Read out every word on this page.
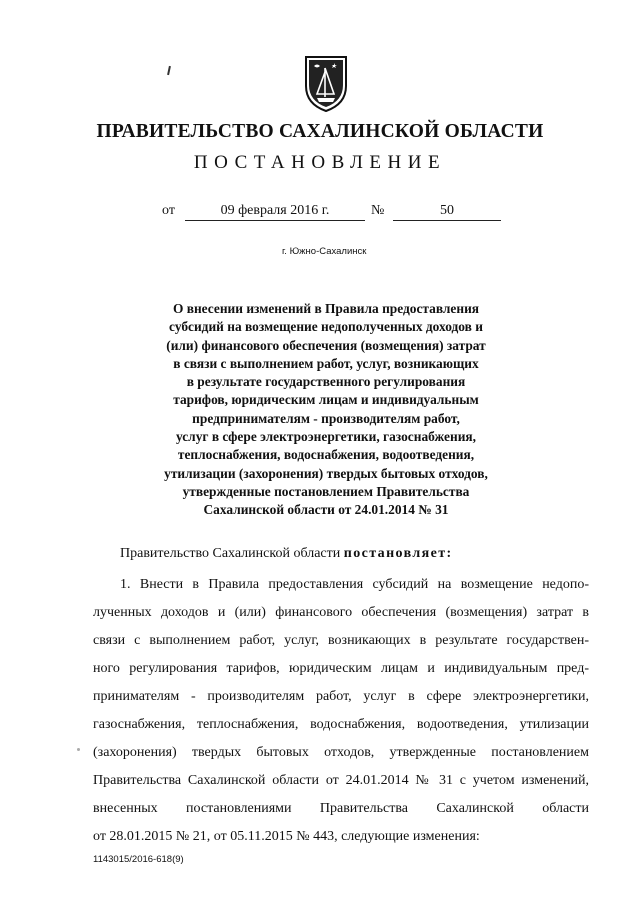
ПРАВИТЕЛЬСТВО САХАЛИНСКОЙ ОБЛАСТИ
ПОСТАНОВЛЕНИЕ
от	09 февраля 2016 г.	№	50
г. Южно-Сахалинск

О внесении изменений в Правила предоставления
субсидий на возмещение недополученных доходов и
(или) финансового обеспечения (возмещения) затрат
в связи с выполнением работ, услуг, возникающих
в результате государственного регулирования
тарифов, юридическим лицам и индивидуальным
предпринимателям - производителям работ,
услуг в сфере электроэнергетики, газоснабжения,
теплоснабжения, водоснабжения, водоотведения,
утилизации (захоронения) твердых бытовых отходов,
утвержденные постановлением Правительства
Сахалинской области от 24.01.2014 № 31

Правительство Сахалинской области постановляет:
1. Внести в Правила предоставления субсидий на возмещение недопо-
лученных доходов и (или) финансового обеспечения (возмещения) затрат в
связи с выполнением работ, услуг, возникающих в результате государствен-
ного регулирования тарифов, юридическим лицам и индивидуальным пред-
принимателям - производителям работ, услуг в сфере электроэнергетики,
газоснабжения, теплоснабжения, водоснабжения, водоотведения, утилизации
(захоронения) твердых бытовых отходов, утвержденные постановлением
Правительства Сахалинской области от 24.01.2014 № 31 с учетом изменений,
внесенных постановлениями Правительства Сахалинской области
от 28.01.2015 № 21, от 05.11.2015 № 443, следующие изменения:
1143015/2016-618(9)
